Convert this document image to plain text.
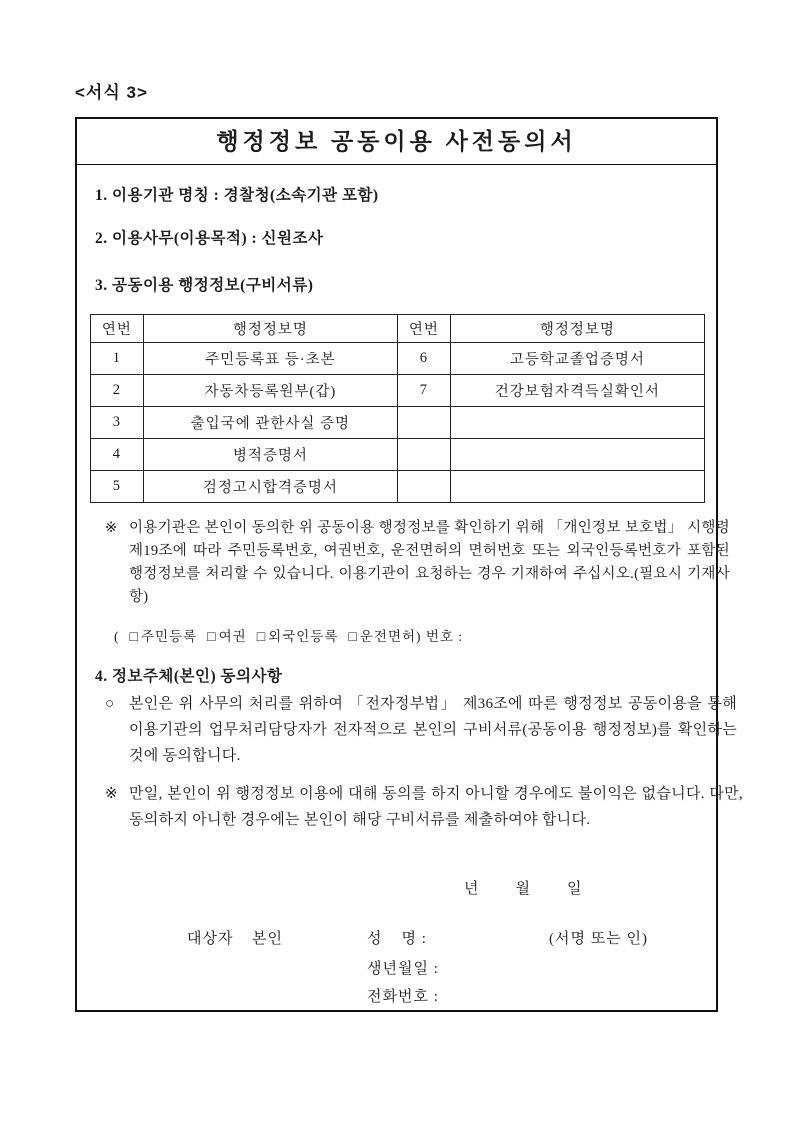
<서식 3>
행정정보 공동이용 사전동의서
1. 이용기관 명칭 : 경찰청(소속기관 포함)
2. 이용사무(이용목적) : 신원조사
3. 공동이용 행정정보(구비서류)
연번	행정정보명	연번	행정정보명
1	주민등록표 등·초본	6	고등학교졸업증명서
2	자동차등록원부(갑)	7	건강보험자격득실확인서
3	출입국에 관한사실 증명		
4	병적증명서		
5	검정고시합격증명서		
※ 이용기관은 본인이 동의한 위 공동이용 행정정보를 확인하기 위해 「개인정보 보호법」 시행령 제19조에 따라 주민등록번호, 여권번호, 운전면허의 면허번호 또는 외국인등록번호가 포함된 행정정보를 처리할 수 있습니다. 이용기관이 요청하는 경우 기재하여 주십시오.(필요시 기재사항)
( □ 주민등록 □ 여권 □ 외국인등록 □ 운전면허) 번호 :
4. 정보주체(본인) 동의사항
○ 본인은 위 사무의 처리를 위하여 「전자정부법」 제36조에 따른 행정정보 공동이용을 통해 이용기관의 업무처리담당자가 전자적으로 본인의 구비서류(공동이용 행정정보)를 확인하는 것에 동의합니다.
※ 만일, 본인이 위 행정정보 이용에 대해 동의를 하지 아니할 경우에도 불이익은 없습니다. 다만, 동의하지 아니한 경우에는 본인이 해당 구비서류를 제출하여야 합니다.
년 월 일
대상자 본인	성    명 :	(서명 또는 인)
생년월일 :
전화번호 :
